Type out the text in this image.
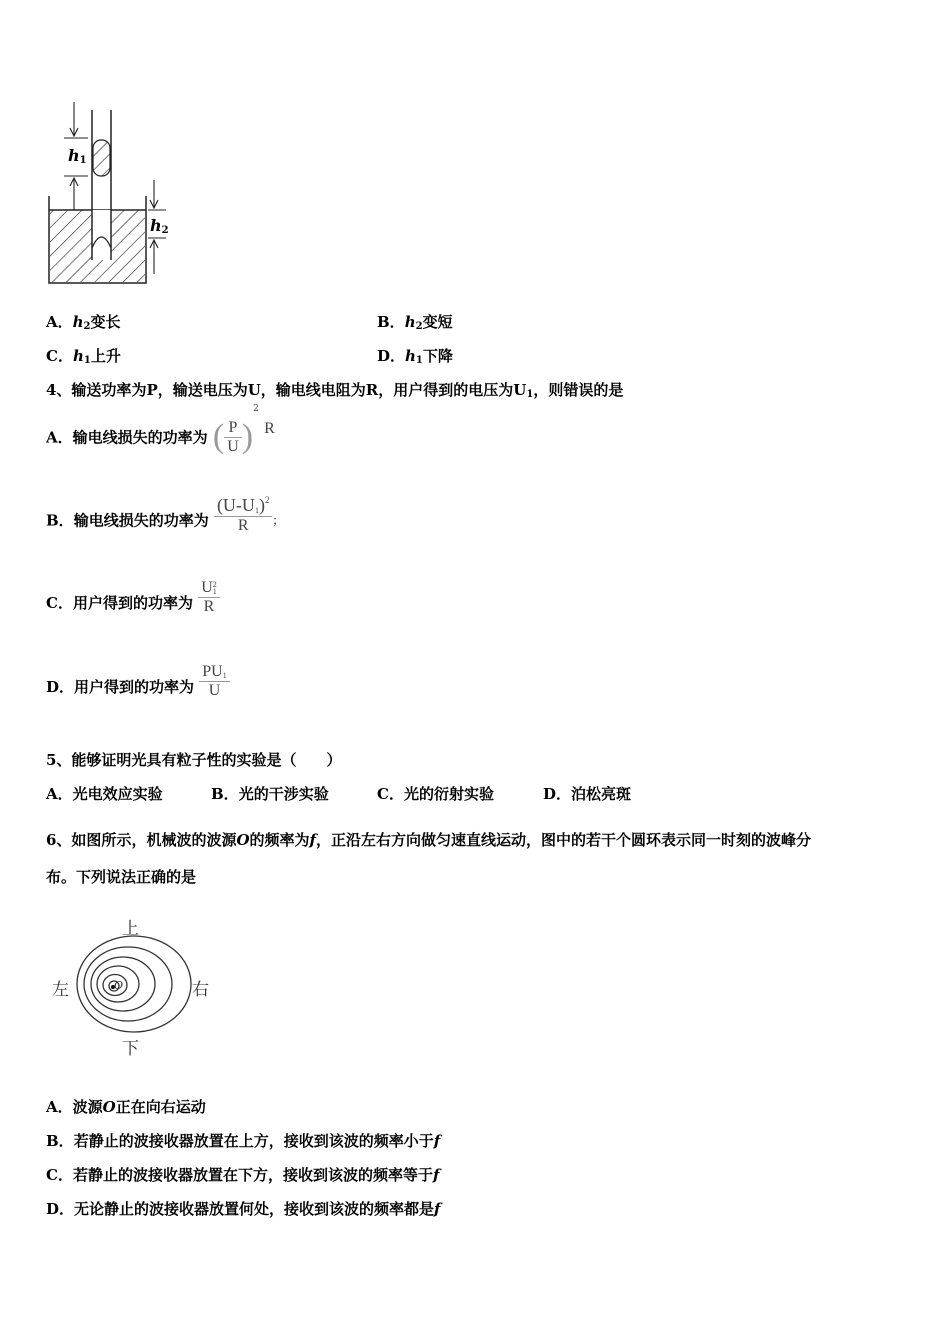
$h_1$
$h_2$
A．$h_2$变长	B．$h_2$变短
C．$h_1$上升	D．$h_1$下降
4、输送功率为P，输送电压为U，输电线电阻为R，用户得到的电压为$U_1$，则错误的是
A．输电线损失的功率为 ( $\frac{P}{U} )^2$ R
B．输电线损失的功率为 $\frac{(U-U_1)^2}{R}$ ；
C．用户得到的功率为 U 2
1
R
D．用户得到的功率为 $\frac{PU_1}{U}$
5、能够证明光具有粒子性的实验是（　　）
A．光电效应实验	B．光的干涉实验	C．光的衍射实验	D．泊松亮斑
6、如图所示，机械波的波源O的频率为f，正沿左右方向做匀速直线运动，图中的若干个圆环表示同一时刻的波峰分
布。下列说法正确的是
上
下
左	右
O
A．波源O正在向右运动
B．若静止的波接收器放置在上方，接收到该波的频率小于f
C．若静止的波接收器放置在下方，接收到该波的频率等于f
D．无论静止的波接收器放置何处，接收到该波的频率都是f
